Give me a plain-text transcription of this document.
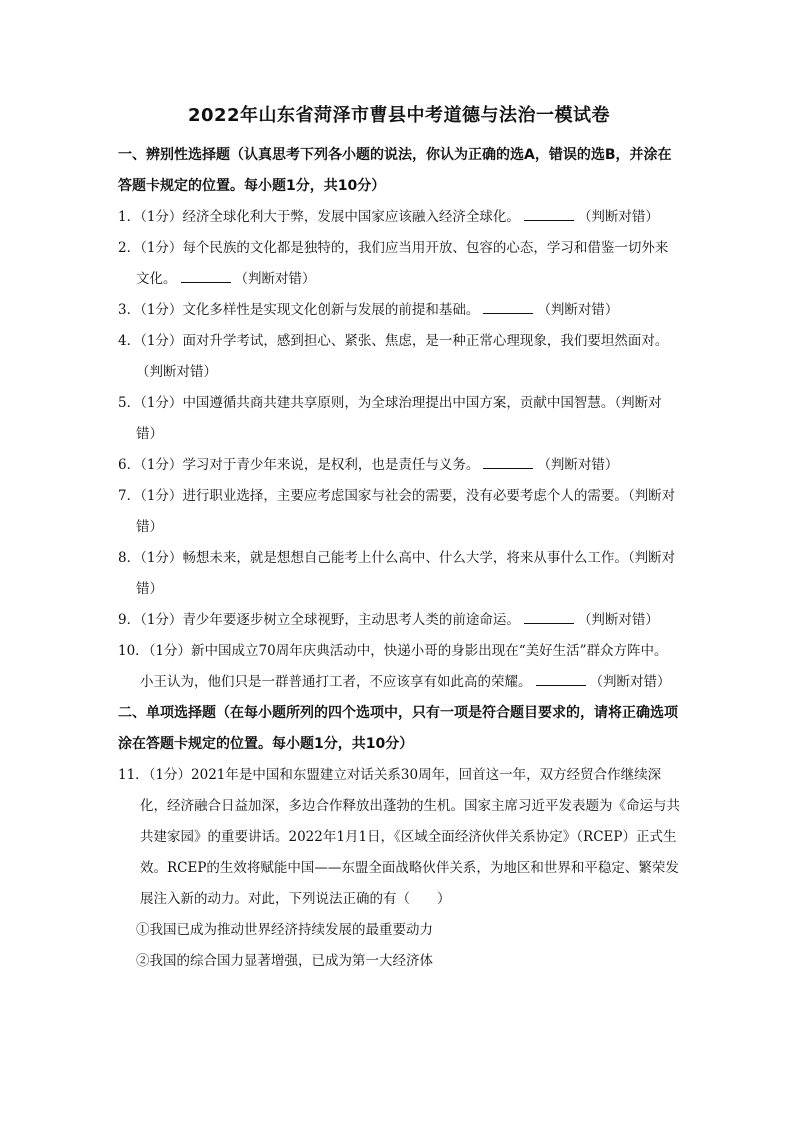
2022年山东省菏泽市曹县中考道德与法治一模试卷

一、辨别性选择题（认真思考下列各小题的说法，你认为正确的选A，错误的选B，并涂在答题卡规定的位置。每小题1分，共10分）

1．（1分）经济全球化利大于弊，发展中国家应该融入经济全球化。	（判断对错）

2．（1分）每个民族的文化都是独特的，我们应当用开放、包容的心态，学习和借鉴一切外来文化。	（判断对错）

3．（1分）文化多样性是实现文化创新与发展的前提和基础。	（判断对错）

4．（1分）面对升学考试，感到担心、紧张、焦虑，是一种正常心理现象，我们要坦然面对。（判断对错）

5．（1分）中国遵循共商共建共享原则，为全球治理提出中国方案，贡献中国智慧。（判断对错）

6．（1分）学习对于青少年来说，是权利，也是责任与义务。	（判断对错）

7．（1分）进行职业选择，主要应考虑国家与社会的需要，没有必要考虑个人的需要。（判断对错）

8．（1分）畅想未来，就是想想自己能考上什么高中、什么大学，将来从事什么工作。（判断对错）

9．（1分）青少年要逐步树立全球视野，主动思考人类的前途命运。	（判断对错）

10．（1分）新中国成立70周年庆典活动中，快递小哥的身影出现在“美好生活”群众方阵中。小王认为，他们只是一群普通打工者，不应该享有如此高的荣耀。	（判断对错）

二、单项选择题（在每小题所列的四个选项中，只有一项是符合题目要求的，请将正确选项涂在答题卡规定的位置。每小题1分，共10分）

11．（1分）2021年是中国和东盟建立对话关系30周年，回首这一年，双方经贸合作继续深化，经济融合日益加深，多边合作释放出蓬勃的生机。国家主席习近平发表题为《命运与共　共建家园》的重要讲话。2022年1月1日，《区域全面经济伙伴关系协定》（RCEP）正式生效。RCEP的生效将赋能中国——东盟全面战略伙伴关系，为地区和世界和平稳定、繁荣发展注入新的动力。对此，下列说法正确的有（　　）

①我国已成为推动世界经济持续发展的最重要动力

②我国的综合国力显著增强，已成为第一大经济体
